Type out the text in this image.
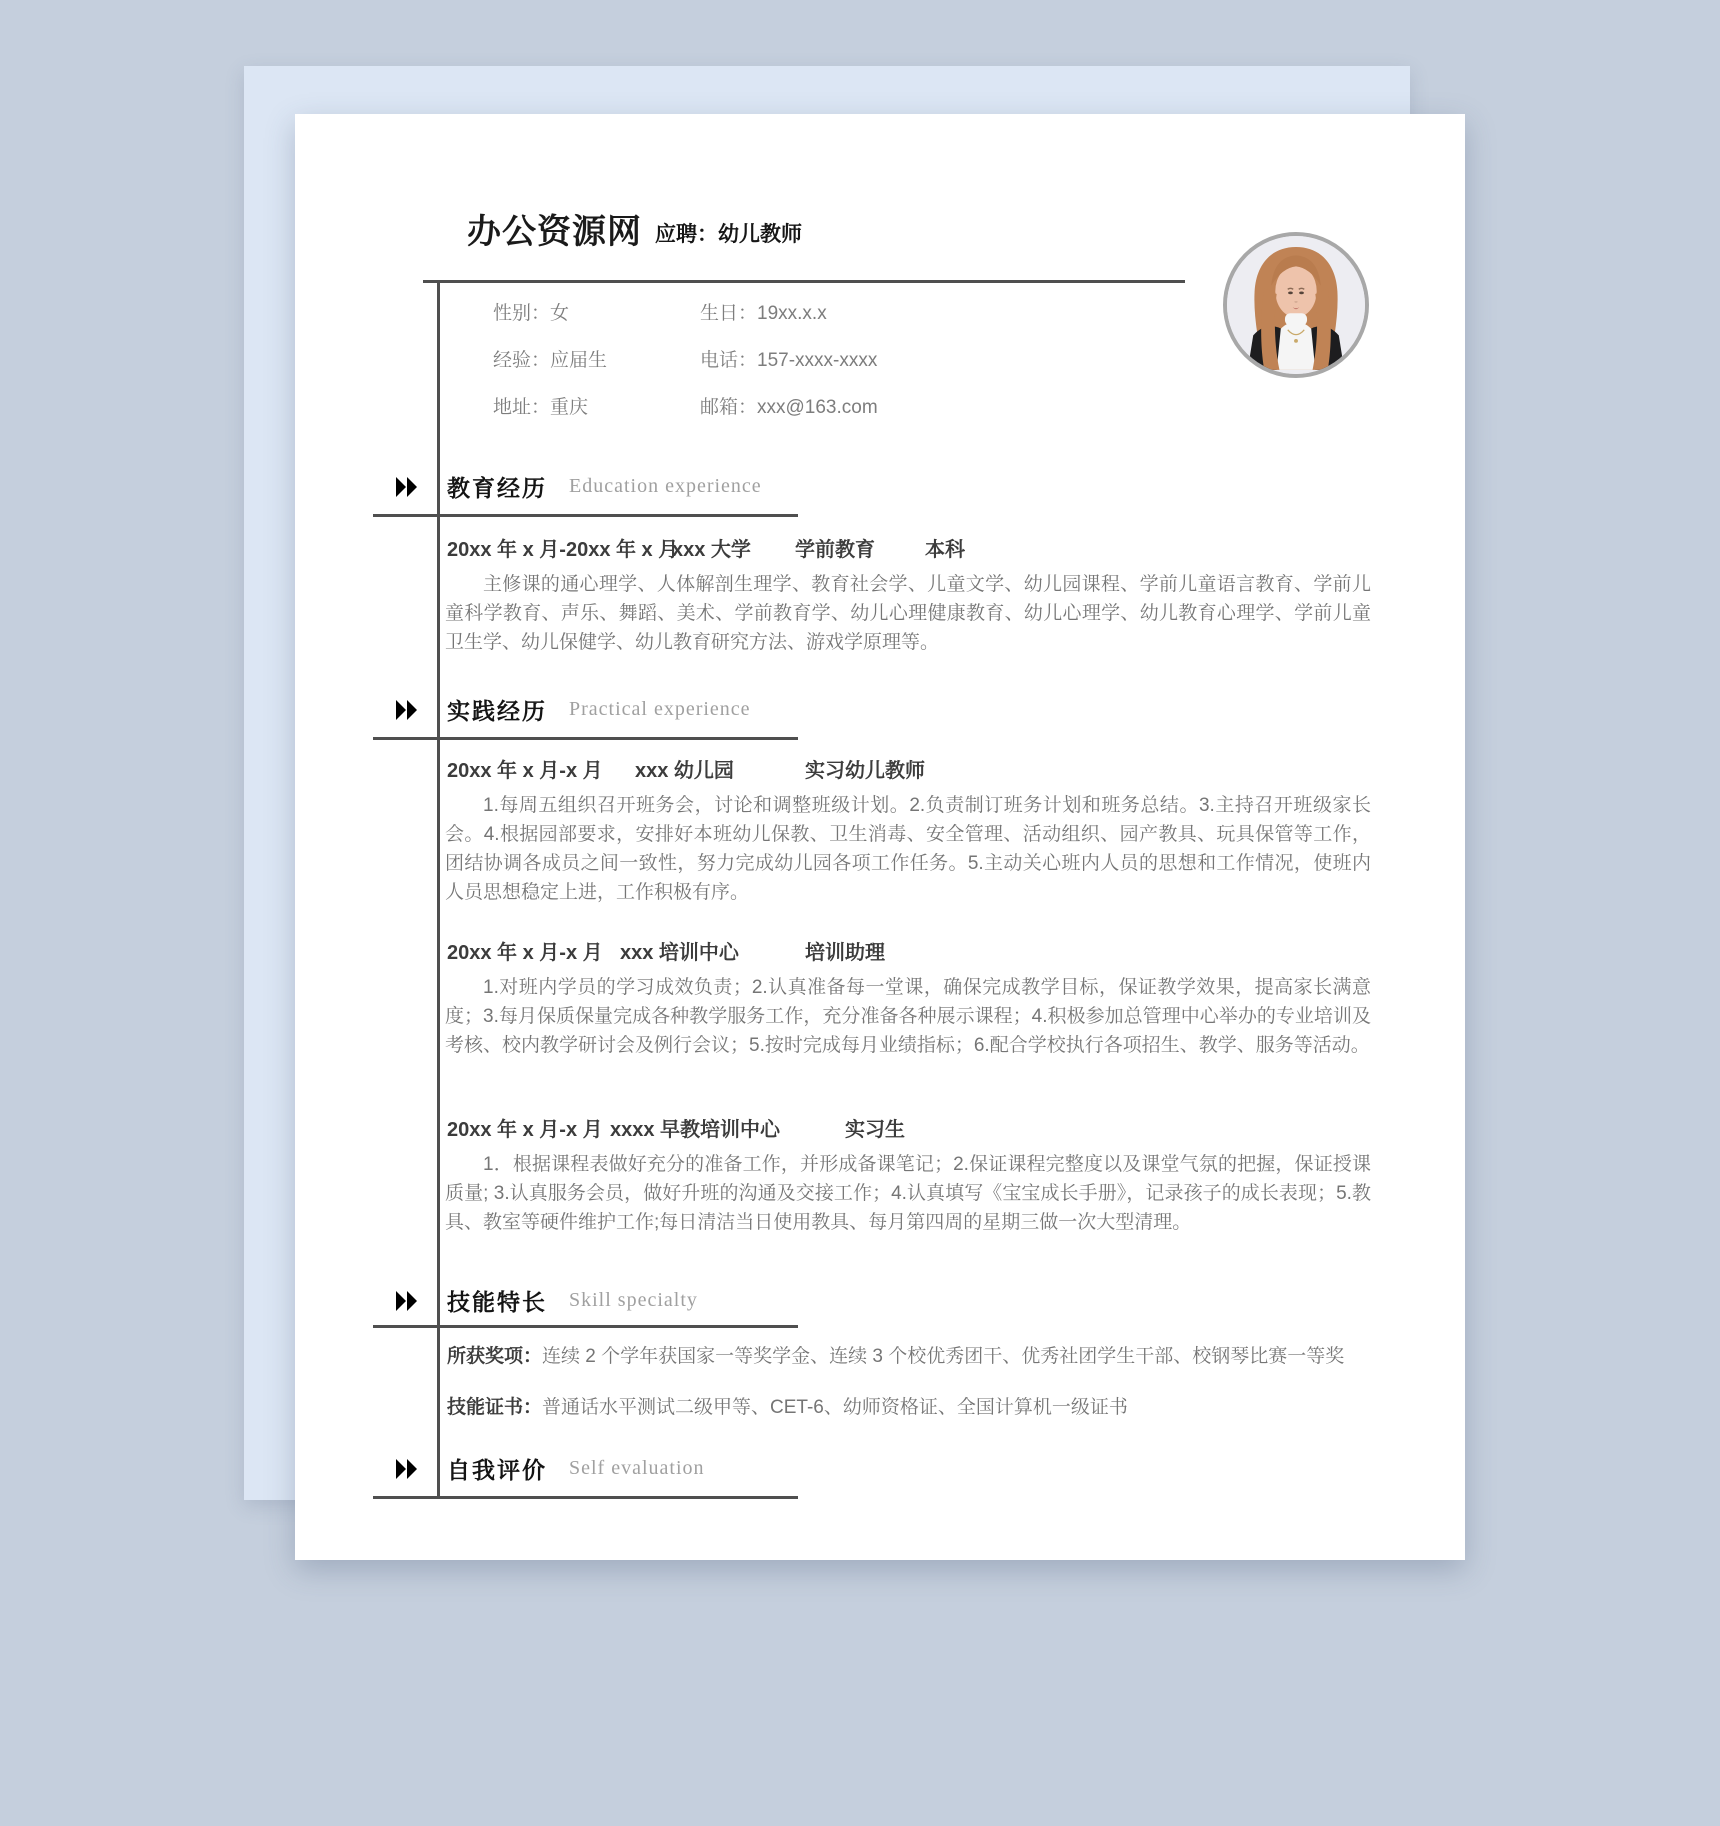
办公资源网 应聘：幼儿教师
性别：女	生日：19xx.x.x
经验：应届生	电话：157-xxxx-xxxx
地址：重庆	邮箱：xxx@163.com
教育经历 Education experience
20xx 年 x 月-20xx 年 x 月
xxx 大学 学前教育	本科

主修课的通心理学、人体解剖生理学、教育社会学、儿童文学、幼儿园课程、学前儿童语言教育、学前儿童科学教育、声乐、舞蹈、美术、学前教育学、幼儿心理健康教育、幼儿心理学、幼儿教育心理学、学前儿童卫生学、幼儿保健学、幼儿教育研究方法、游戏学原理等。

实践经历 Practical experience
20xx 年 x 月-x 月 xxx 幼儿园	实习幼儿教师

1.每周五组织召开班务会，讨论和调整班级计划。2.负责制订班务计划和班务总结。3.主持召开班级家长会。4.根据园部要求，安排好本班幼儿保教、卫生消毒、安全管理、活动组织、园产教具、玩具保管等工作，团结协调各成员之间一致性，努力完成幼儿园各项工作任务。5.主动关心班内人员的思想和工作情况，使班内人员思想稳定上进，工作积极有序。

20xx 年 x 月-x 月 xxx 培训中心	培训助理

1.对班内学员的学习成效负责；2.认真准备每一堂课，确保完成教学目标，保证教学效果，提高家长满意度；3.每月保质保量完成各种教学服务工作，充分准备各种展示课程；4.积极参加总管理中心举办的专业培训及考核、校内教学研讨会及例行会议；5.按时完成每月业绩指标；6.配合学校执行各项招生、教学、服务等活动。

20xx 年 x 月-x 月 xxxx 早教培训中心	实习生

1．根据课程表做好充分的准备工作，并形成备课笔记；2.保证课程完整度以及课堂气氛的把握，保证授课质量; 3.认真服务会员，做好升班的沟通及交接工作；4.认真填写《宝宝成长手册》，记录孩子的成长表现；5.教具、教室等硬件维护工作;每日清洁当日使用教具、每月第四周的星期三做一次大型清理。

技能特长 Skill specialty

所获奖项：连续 2 个学年获国家一等奖学金、连续 3 个校优秀团干、优秀社团学生干部、校钢琴比赛一等奖

技能证书：普通话水平测试二级甲等、CET-6、幼师资格证、全国计算机一级证书

自我评价 Self evaluation
